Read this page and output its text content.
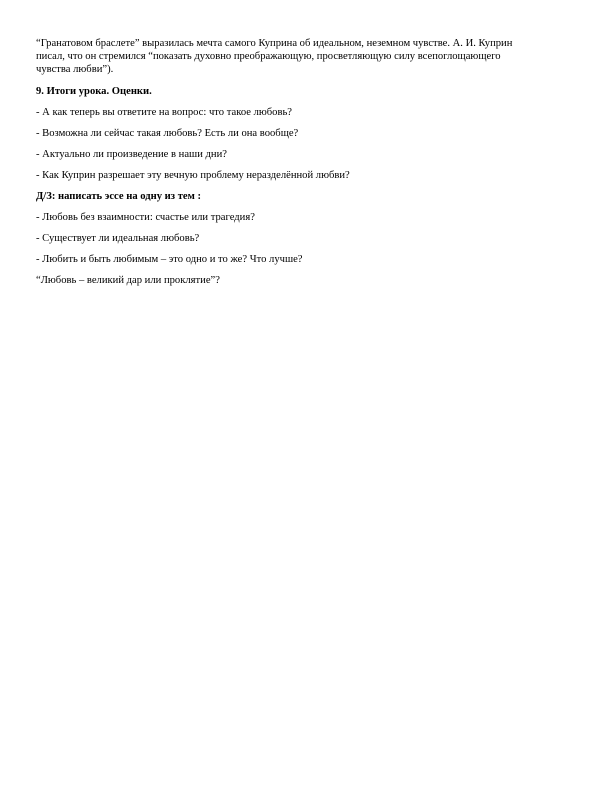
“Гранатовом браслете” выразилась мечта самого Куприна об идеальном, неземном чувстве. А. И. Куприн
писал, что он стремился “показать духовно преображающую, просветляющую силу всепоглощающего
чувства любви”).

9. Итоги урока. Оценки.

- А как теперь вы ответите на вопрос: что такое любовь?

- Возможна ли сейчас такая любовь? Есть ли она вообще?

- Актуально ли произведение в наши дни?

- Как Куприн разрешает эту вечную проблему неразделённой любви?

Д/З: написать эссе на одну из тем :

- Любовь без взаимности: счастье или трагедия?

- Существует ли идеальная любовь?

- Любить и быть любимым – это одно и то же? Что лучше?

“Любовь – великий дар или проклятие”?
